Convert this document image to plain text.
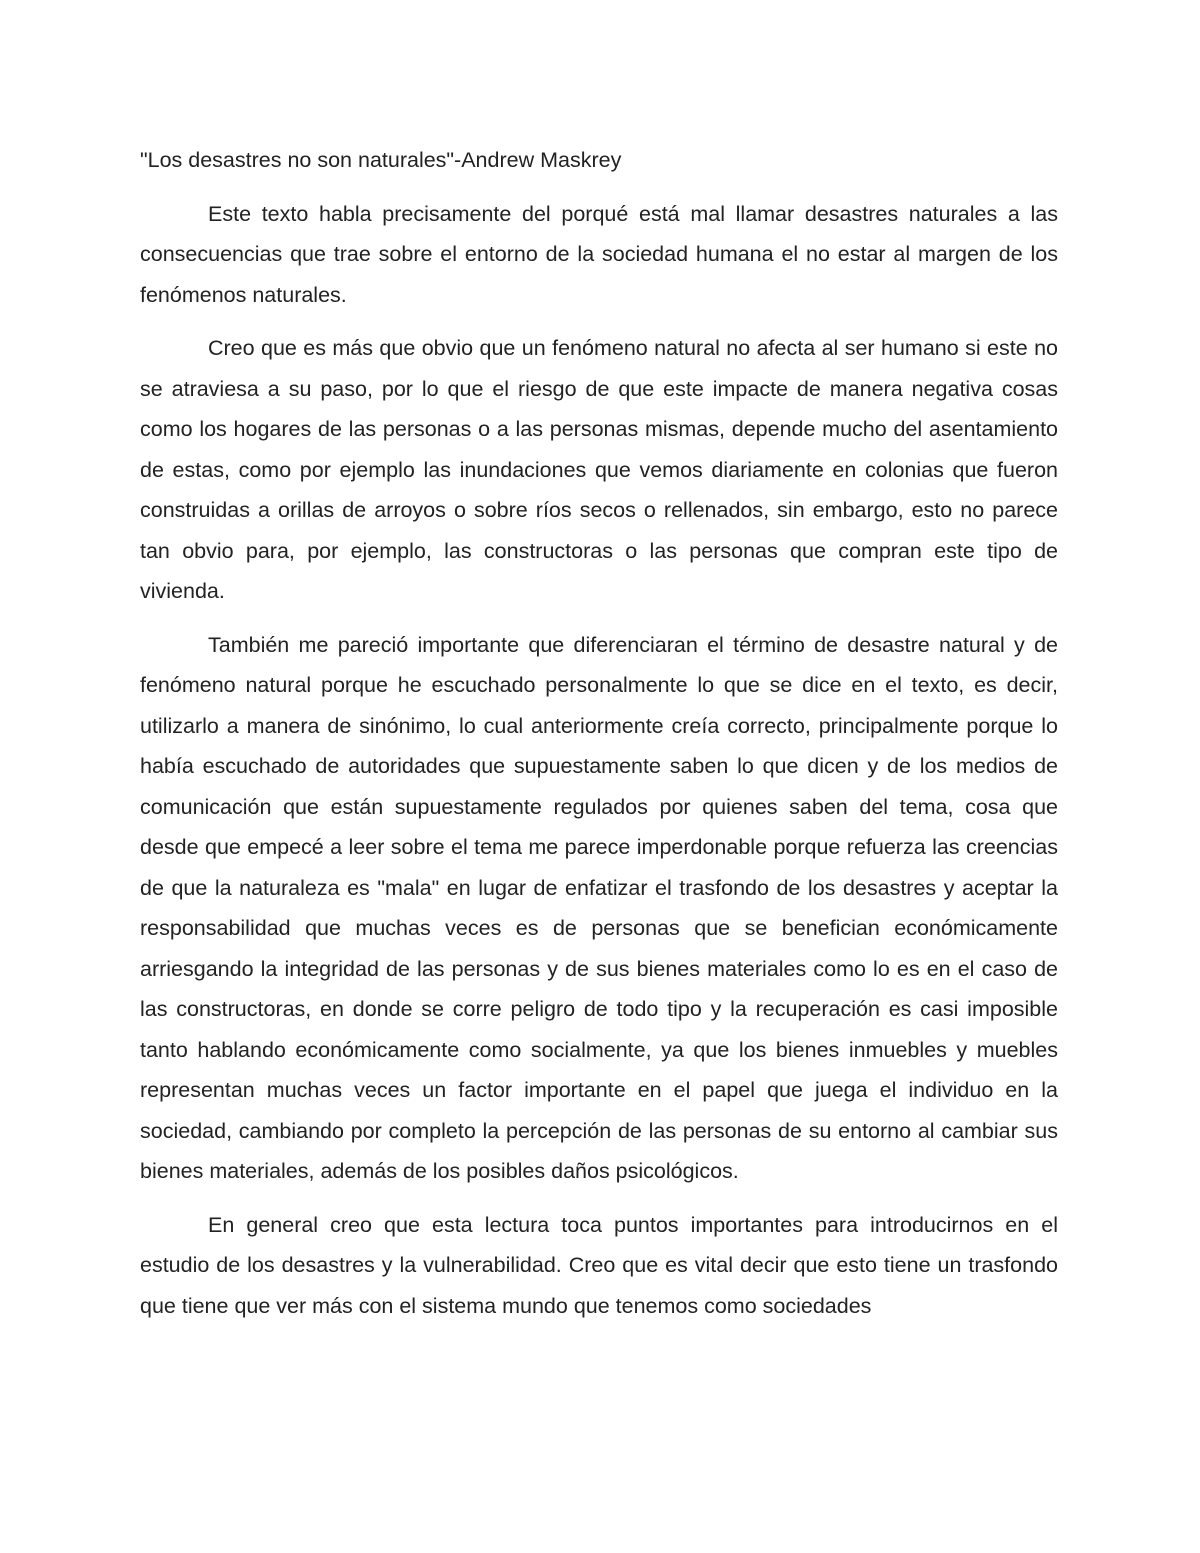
"Los desastres no son naturales"-Andrew Maskrey

Este texto habla precisamente del porqué está mal llamar desastres naturales a las consecuencias que trae sobre el entorno de la sociedad humana el no estar al margen de los fenómenos naturales.

Creo que es más que obvio que un fenómeno natural no afecta al ser humano si este no se atraviesa a su paso, por lo que el riesgo de que este impacte de manera negativa cosas como los hogares de las personas o a las personas mismas, depende mucho del asentamiento de estas, como por ejemplo las inundaciones que vemos diariamente en colonias que fueron construidas a orillas de arroyos o sobre ríos secos o rellenados, sin embargo, esto no parece tan obvio para, por ejemplo, las constructoras o las personas que compran este tipo de vivienda.

También me pareció importante que diferenciaran el término de desastre natural y de fenómeno natural porque he escuchado personalmente lo que se dice en el texto, es decir, utilizarlo a manera de sinónimo, lo cual anteriormente creía correcto, principalmente porque lo había escuchado de autoridades que supuestamente saben lo que dicen y de los medios de comunicación que están supuestamente regulados por quienes saben del tema, cosa que desde que empecé a leer sobre el tema me parece imperdonable porque refuerza las creencias de que la naturaleza es "mala" en lugar de enfatizar el trasfondo de los desastres y aceptar la responsabilidad que muchas veces es de personas que se benefician económicamente arriesgando la integridad de las personas y de sus bienes materiales como lo es en el caso de las constructoras, en donde se corre peligro de todo tipo y la recuperación es casi imposible tanto hablando económicamente como socialmente, ya que los bienes inmuebles y muebles representan muchas veces un factor importante en el papel que juega el individuo en la sociedad, cambiando por completo la percepción de las personas de su entorno al cambiar sus bienes materiales, además de los posibles daños psicológicos.

En general creo que esta lectura toca puntos importantes para introducirnos en el estudio de los desastres y la vulnerabilidad. Creo que es vital decir que esto tiene un trasfondo que tiene que ver más con el sistema mundo que tenemos como sociedades
